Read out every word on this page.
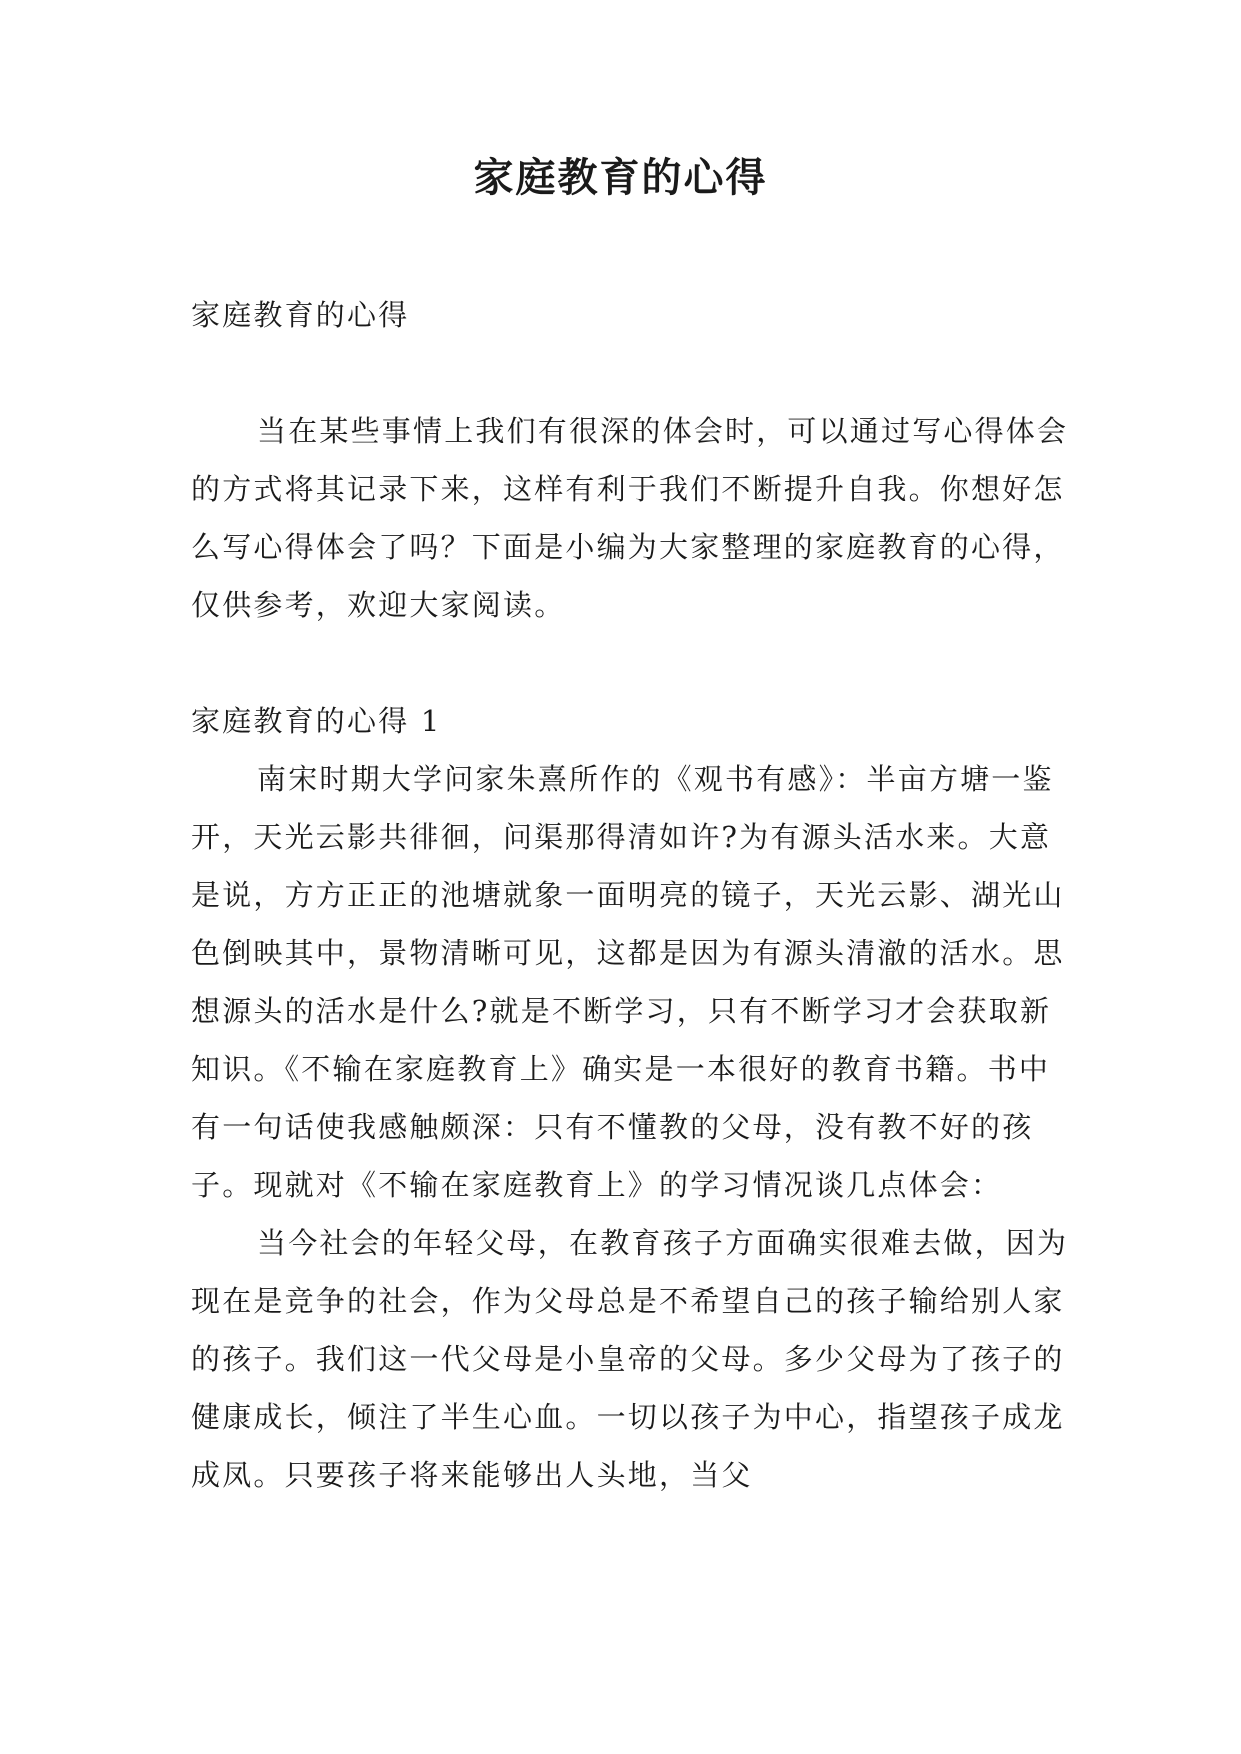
家庭教育的心得

家庭教育的心得

当在某些事情上我们有很深的体会时，可以通过写心得体会的方式将其记录下来，这样有利于我们不断提升自我。你想好怎么写心得体会了吗？下面是小编为大家整理的家庭教育的心得，仅供参考，欢迎大家阅读。

家庭教育的心得 1

南宋时期大学问家朱熹所作的《观书有感》：半亩方塘一鉴开，天光云影共徘徊，问渠那得清如许?为有源头活水来。大意是说，方方正正的池塘就象一面明亮的镜子，天光云影、湖光山色倒映其中，景物清晰可见，这都是因为有源头清澈的活水。思想源头的活水是什么?就是不断学习，只有不断学习才会获取新知识。《不输在家庭教育上》确实是一本很好的教育书籍。书中有一句话使我感触颇深：只有不懂教的父母，没有教不好的孩子。现就对《不输在家庭教育上》的学习情况谈几点体会：

当今社会的年轻父母，在教育孩子方面确实很难去做，因为现在是竞争的社会，作为父母总是不希望自己的孩子输给别人家的孩子。我们这一代父母是小皇帝的父母。多少父母为了孩子的健康成长，倾注了半生心血。一切以孩子为中心，指望孩子成龙成凤。只要孩子将来能够出人头地，当父
